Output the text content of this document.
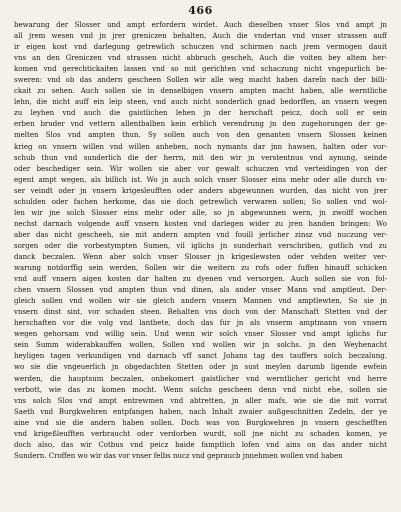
466
bewarung der Slosser und ampt erfordern wirdet. Auch dieselben vnser Slos vnd ampt jn
all jrem wesen vnd jn jrer greniczen behalten, Auch die vndertan vnd vnser strassen auff
ir eigen kost vnd darlegung getrewlich schuczen vnd schirmen nach jrem vermogen dauit
vns an den Greniczen vnd strassen nicht abbruch gescheh, Auch die voiten bey altem her-
komen vnd gerechtickaiten lassen vnd so mit gerichten vnd schaczung nicht vngepurlich be-
sweren: vnd ob das andern gescheen Sollen wir alle weg macht haben dareîn nach der billi-
ckait zu sehen. Auch sollen sie in denselbigen vnsern ampten macht haben, alle werntliche
lehn, die nicht auff ein leip steen, vnd auch nicht sonderlich gnad bedorffen, an vnsern wegen
zu leyhen vnd auch die gaistlichen lehen jn der herschaft peicz, doch soll er sein
erben bruder vnd vettern allentbalben kein erblich verendrung jn den zugehorungen der ge-
melten Slos vnd ampten thun. Sy sollen auch von den genanten vnsern Slossen keinen
krieg on vnsern willen vnd willen anheben, noch nymants dar jnn hawsen, halten oder vor-
schub thun vnd sunderlich die der herrn, mit den wir jn verstentnus vnd aynung, seinde
oder beschediger sein. Wir wollen sie aber vor gewalt schuczen vnd verteidingen von der
egent ampt wegen, als billich ist. Wo jn auch solch vnser Slosser eins mehr oder alle durch vn-
ser veindt oder jn vnsern krigesleufften oder anders abgewunnen wurden, das nicht von jrer
schulden oder fachen herkome, das sie doch getrewlich verwaren sollen; So sollen vnd wol-
len wir jne solch Slosser eins mehr oder alle, so jn abgewunnen wern, jn zwolff wochen
nechst darnach volgende auff vnsern kosten vnd darlegen wider zu jren handen bringen: Wo
aber das nicht gescheeh, sie mit andern ampten vnd fouill jerlicher zinsz vnd nuczung ver-
sorgen oder die vorbestympten Sumen, vil iglichs jn sunderhait verschriben, gutlich vnd zu
danck beczalen. Wenn aber solch vnser Slosser jn krigeslewsten oder vehden weiter ver-
warung notdorffig sein werden, Sollen wir die weitern zu rofs oder fuffen hinauff schicken
vnd auff vnsern aigen kosten dar halten zu dyenen vnd versorgen. Auch sollen sie von fol-
chen vnsern Slossen vnd ampten thun vnd dinen, als ander vnser Mann vnd amptleut. Der-
gleich sollen vnd wollen wir sie gleich andern vnsern Mannen vnd amptlewten, So sie jn
vnsern dinst sint, vor schaden steen. Behalten vns doch von der Manschaft Stetten vnd der
herschaften vor die volg vnd lantbete, doch das fur jn als vnserm amptmann von vnsern
wegen gehorsam vnd willig sein. Und wenn wir solch vnser Slosser vnd ampt iglichs fur
sein Summ widerabkauffen wollen, Sollen vnd wollen wir jn solchs. jn den Weyhenacht
heyligen tagen verkundigen vnd darnach vff sanct Johans tag des tauffers solch beczalung.
wo sie die vngeuerlich jn obgedachten Stetten oder jn sust meylen darumb ligende ewfein
werden, die hauptsum beczalen, onbekomert gaistlicher vnd werntlicher gericht vnd herre
verbott, wie das zu komen mocht. Wenn solchs gescheen denn vnd nicht ehe, sollen sie
vns solch Slos vnd ampt entrewmen vnd abtretten, jn aller mafs, wie sie die mit vorrat
Saeth vnd Burgkwehren entpfangen haben, nach Inhalt zwaier außgeschnitten Zedeln, der ye
aine vnd sie die andern haben sollen. Doch was von Burgkwehren jn vnsern geschefften
vnd krigeßleufften verbraucht oder verdorben wurdt, soll jne nicht zu schaden komen, ye
doch also, das wir Cotbus vnd peicz baide famptlich lofen vnd ains on das ander nicht
Sundern. Croffen wo wir das vor vnser felbs nucz vnd gepraucb jnnehmen wollen vnd haben
